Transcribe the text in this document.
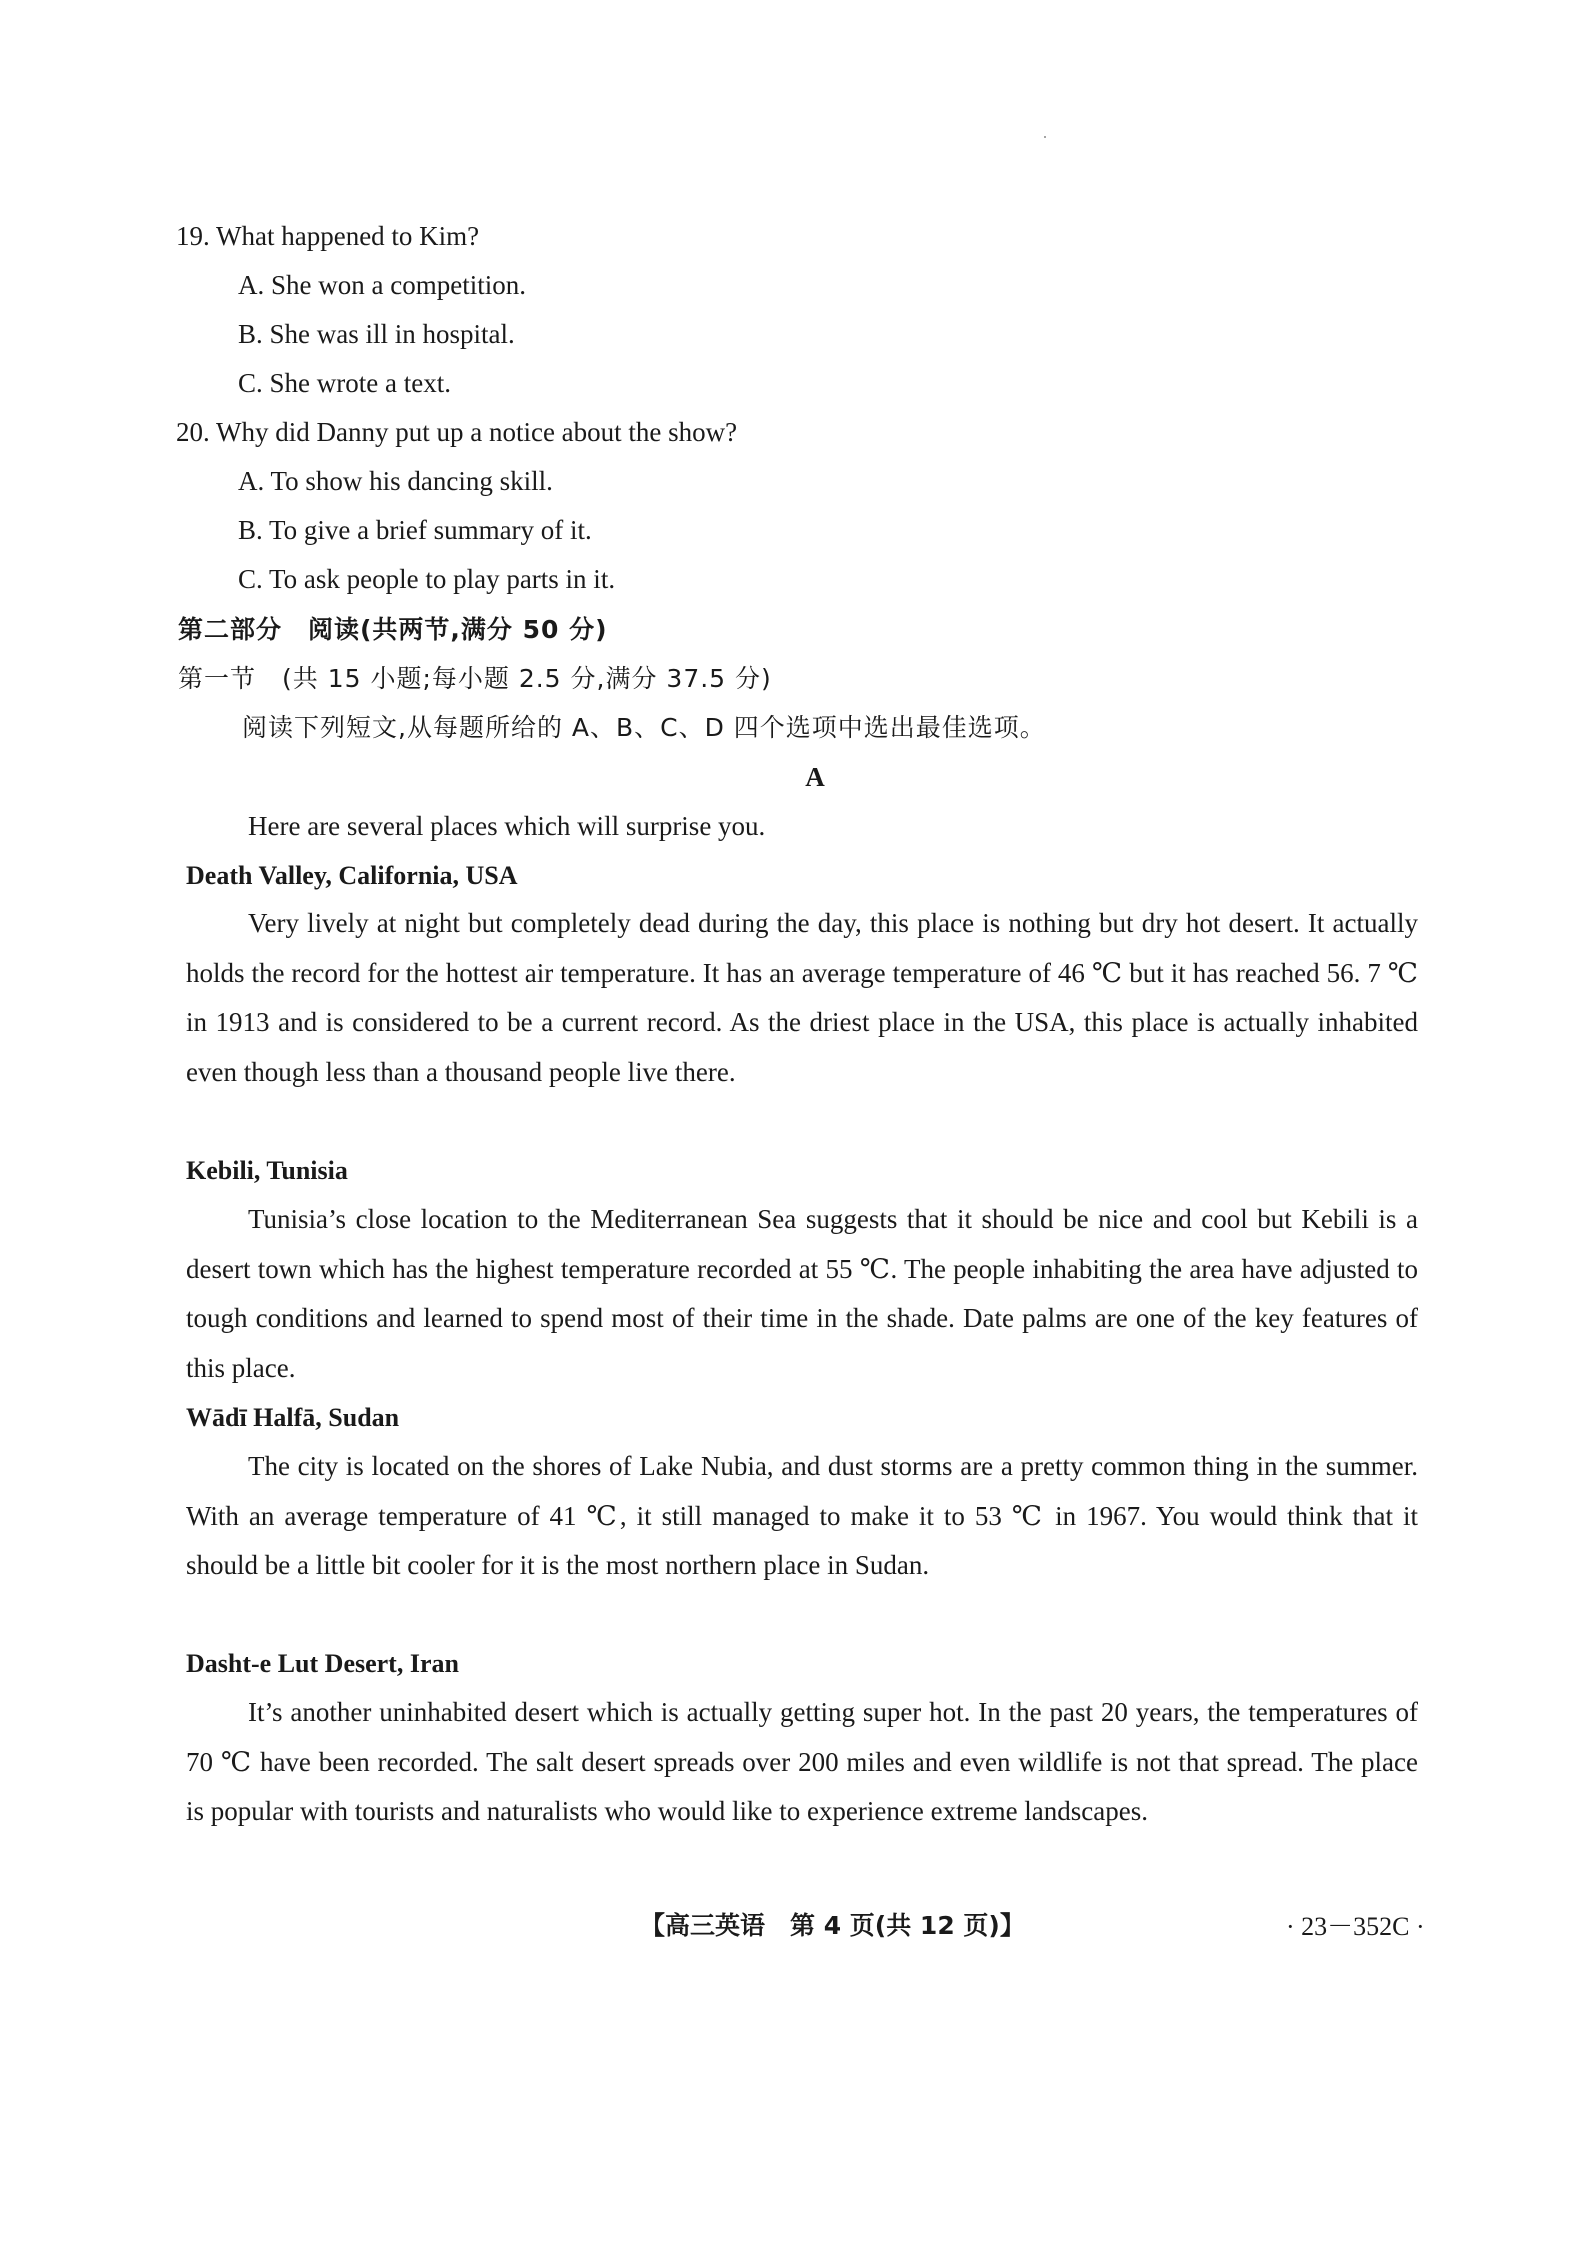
19. What happened to Kim?
A. She won a competition.
B. She was ill in hospital.
C. She wrote a text.
20. Why did Danny put up a notice about the show?
A. To show his dancing skill.
B. To give a brief summary of it.
C. To ask people to play parts in it.
第二部分　阅读(共两节,满分 50 分)
第一节　(共 15 小题;每小题 2.5 分,满分 37.5 分)
阅读下列短文,从每题所给的 A、B、C、D 四个选项中选出最佳选项。
A
Here are several places which will surprise you.
Death Valley, California, USA

Very lively at night but completely dead during the day, this place is nothing but dry hot desert. It actually holds the record for the hottest air temperature. It has an average temperature of 46 ℃ but it has reached 56. 7 ℃ in 1913 and is considered to be a current record. As the driest place in the USA, this place is actually inhabited even though less than a thousand people live there.

Kebili, Tunisia

Tunisia’s close location to the Mediterranean Sea suggests that it should be nice and cool but Kebili is a desert town which has the highest temperature recorded at 55 ℃. The people inhabiting the area have adjusted to tough conditions and learned to spend most of their time in the shade. Date palms are one of the key features of this place.

Wādī Halfā, Sudan

The city is located on the shores of Lake Nubia, and dust storms are a pretty common thing in the summer. With an average temperature of 41 ℃, it still managed to make it to 53 ℃ in 1967. You would think that it should be a little bit cooler for it is the most northern place in Sudan.

Dasht-e Lut Desert, Iran

It’s another uninhabited desert which is actually getting super hot. In the past 20 years, the temperatures of 70 ℃ have been recorded. The salt desert spreads over 200 miles and even wildlife is not that spread. The place is popular with tourists and naturalists who would like to experience extreme landscapes.

【高三英语　第 4 页(共 12 页)】	· 23－352C ·
